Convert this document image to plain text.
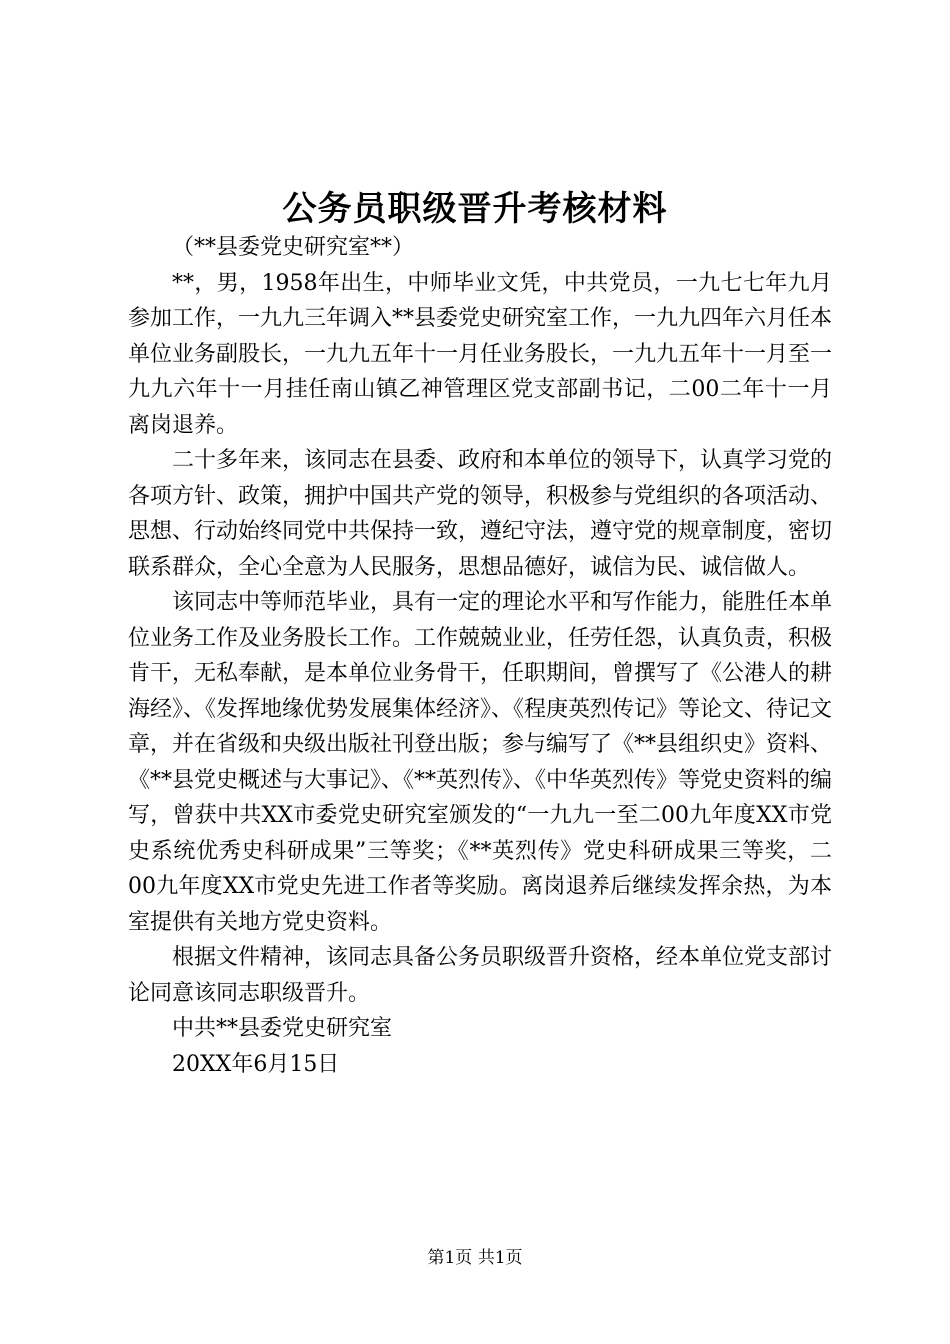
公务员职级晋升考核材料

（**县委党史研究室**）

**，男，1958年出生，中师毕业文凭，中共党员，一九七七年九月参加工作，一九九三年调入**县委党史研究室工作，一九九四年六月任本单位业务副股长，一九九五年十一月任业务股长，一九九五年十一月至一九九六年十一月挂任南山镇乙神管理区党支部副书记，二00二年十一月离岗退养。

二十多年来，该同志在县委、政府和本单位的领导下，认真学习党的各项方针、政策，拥护中国共产党的领导，积极参与党组织的各项活动、思想、行动始终同党中共保持一致，遵纪守法，遵守党的规章制度，密切联系群众，全心全意为人民服务，思想品德好，诚信为民、诚信做人。

该同志中等师范毕业，具有一定的理论水平和写作能力，能胜任本单位业务工作及业务股长工作。工作兢兢业业，任劳任怨，认真负责，积极肯干，无私奉献，是本单位业务骨干，任职期间，曾撰写了《公港人的耕海经》、《发挥地缘优势发展集体经济》、《程庚英烈传记》等论文、待记文章，并在省级和央级出版社刊登出版；参与编写了《**县组织史》资料、《**县党史概述与大事记》、《**英烈传》、《中华英烈传》等党史资料的编写，曾获中共XX市委党史研究室颁发的“一九九一至二00九年度XX市党史系统优秀史科研成果”三等奖；《**英烈传》党史科研成果三等奖，二00九年度XX市党史先进工作者等奖励。离岗退养后继续发挥余热，为本室提供有关地方党史资料。

根据文件精神，该同志具备公务员职级晋升资格，经本单位党支部讨论同意该同志职级晋升。

中共**县委党史研究室

20XX年6月15日

第1页 共1页
